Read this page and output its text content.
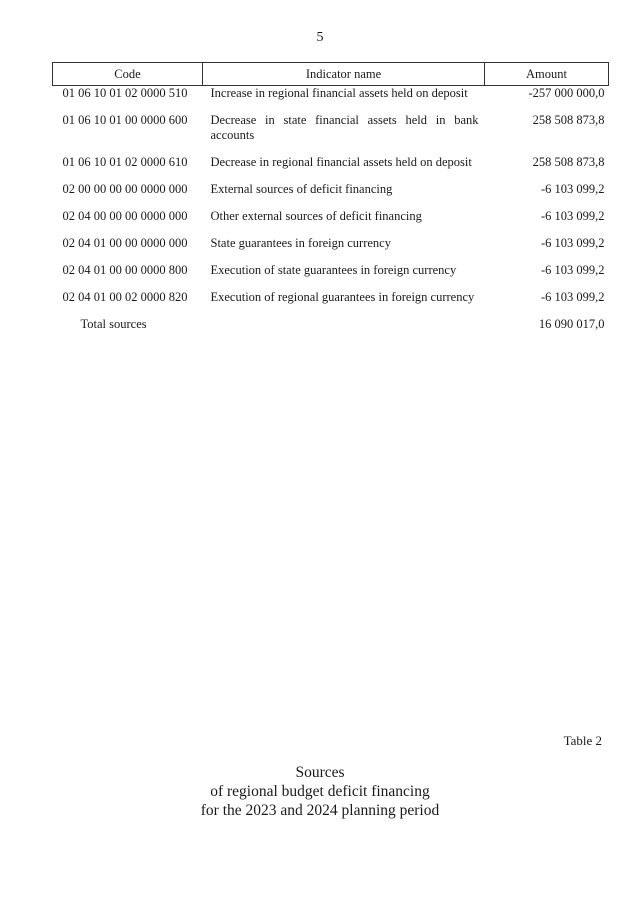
5
Code	Indicator name	Amount
01 06 10 01 02 0000 510	Increase in regional financial assets held on deposit	-257 000 000,0
01 06 10 01 00 0000 600	Decrease in state financial assets held in bank accounts	258 508 873,8
01 06 10 01 02 0000 610	Decrease in regional financial assets held on deposit	258 508 873,8
02 00 00 00 00 0000 000	External sources of deficit financing	-6 103 099,2
02 04 00 00 00 0000 000	Other external sources of deficit financing	-6 103 099,2
02 04 01 00 00 0000 000	State guarantees in foreign currency	-6 103 099,2
02 04 01 00 00 0000 800	Execution of state guarantees in foreign currency	-6 103 099,2
02 04 01 00 02 0000 820	Execution of regional guarantees in foreign currency	-6 103 099,2
Total sources		16 090 017,0
Table 2
Sources
of regional budget deficit financing
for the 2023 and 2024 planning period
